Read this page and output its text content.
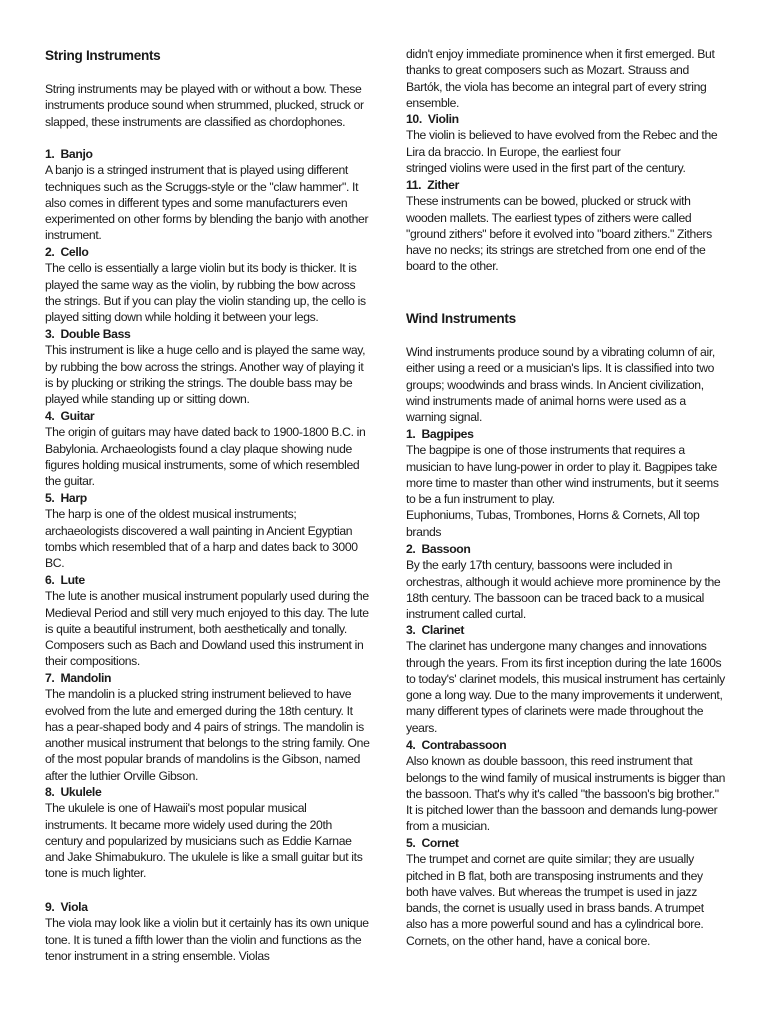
String Instruments

String instruments may be played with or without a bow. These instruments produce sound when strummed, plucked, struck or slapped, these instruments are classified as chordophones.

1. Banjo

A banjo is a stringed instrument that is played using different techniques such as the Scruggs-style or the "claw hammer". It also comes in different types and some manufacturers even experimented on other forms by blending the banjo with another instrument.

2. Cello

The cello is essentially a large violin but its body is thicker. It is played the same way as the violin, by rubbing the bow across the strings. But if you can play the violin standing up, the cello is played sitting down while holding it between your legs.

3. Double Bass

This instrument is like a huge cello and is played the same way, by rubbing the bow across the strings. Another way of playing it is by plucking or striking the strings. The double bass may be played while standing up or sitting down.

4. Guitar

The origin of guitars may have dated back to 1900-1800 B.C. in Babylonia. Archaeologists found a clay plaque showing nude figures holding musical instruments, some of which resembled the guitar.

5. Harp

The harp is one of the oldest musical instruments; archaeologists discovered a wall painting in Ancient Egyptian tombs which resembled that of a harp and dates back to 3000 BC.

6. Lute

The lute is another musical instrument popularly used during the Medieval Period and still very much enjoyed to this day. The lute is quite a beautiful instrument, both aesthetically and tonally. Composers such as Bach and Dowland used this instrument in their compositions.

7. Mandolin

The mandolin is a plucked string instrument believed to have evolved from the lute and emerged during the 18th century. It has a pear-shaped body and 4 pairs of strings. The mandolin is another musical instrument that belongs to the string family. One of the most popular brands of mandolins is the Gibson, named after the luthier Orville Gibson.

8. Ukulele

The ukulele is one of Hawaii's most popular musical instruments. It became more widely used during the 20th century and popularized by musicians such as Eddie Karnae and Jake Shimabukuro. The ukulele is like a small guitar but its tone is much lighter.

9. Viola

The viola may look like a violin but it certainly has its own unique tone. It is tuned a fifth lower than the violin and functions as the tenor instrument in a string ensemble. Violas

didn't enjoy immediate prominence when it first emerged. But thanks to great composers such as Mozart. Strauss and Bartók, the viola has become an integral part of every string ensemble.

10. Violin

The violin is believed to have evolved from the Rebec and the Lira da braccio. In Europe, the earliest four

stringed violins were used in the first part of the century.

11. Zither

These instruments can be bowed, plucked or struck with wooden mallets. The earliest types of zithers were called "ground zithers" before it evolved into "board zithers." Zithers have no necks; its strings are stretched from one end of the board to the other.

Wind Instruments

Wind instruments produce sound by a vibrating column of air, either using a reed or a musician's lips. It is classified into two groups; woodwinds and brass winds. In Ancient civilization, wind instruments made of animal horns were used as a warning signal.

1. Bagpipes

The bagpipe is one of those instruments that requires a musician to have lung-power in order to play it. Bagpipes take more time to master than other wind instruments, but it seems to be a fun instrument to play.

Euphoniums, Tubas, Trombones, Horns & Cornets, All top brands

2. Bassoon

By the early 17th century, bassoons were included in orchestras, although it would achieve more prominence by the 18th century. The bassoon can be traced back to a musical instrument called curtal.

3. Clarinet

The clarinet has undergone many changes and innovations through the years. From its first inception during the late 1600s to today's' clarinet models, this musical instrument has certainly gone a long way. Due to the many improvements it underwent, many different types of clarinets were made throughout the years.

4. Contrabassoon

Also known as double bassoon, this reed instrument that belongs to the wind family of musical instruments is bigger than the bassoon. That's why it's called "the bassoon's big brother." It is pitched lower than the bassoon and demands lung-power from a musician.

5. Cornet

The trumpet and cornet are quite similar; they are usually pitched in B flat, both are transposing instruments and they both have valves. But whereas the trumpet is used in jazz bands, the cornet is usually used in brass bands. A trumpet also has a more powerful sound and has a cylindrical bore. Cornets, on the other hand, have a conical bore.
